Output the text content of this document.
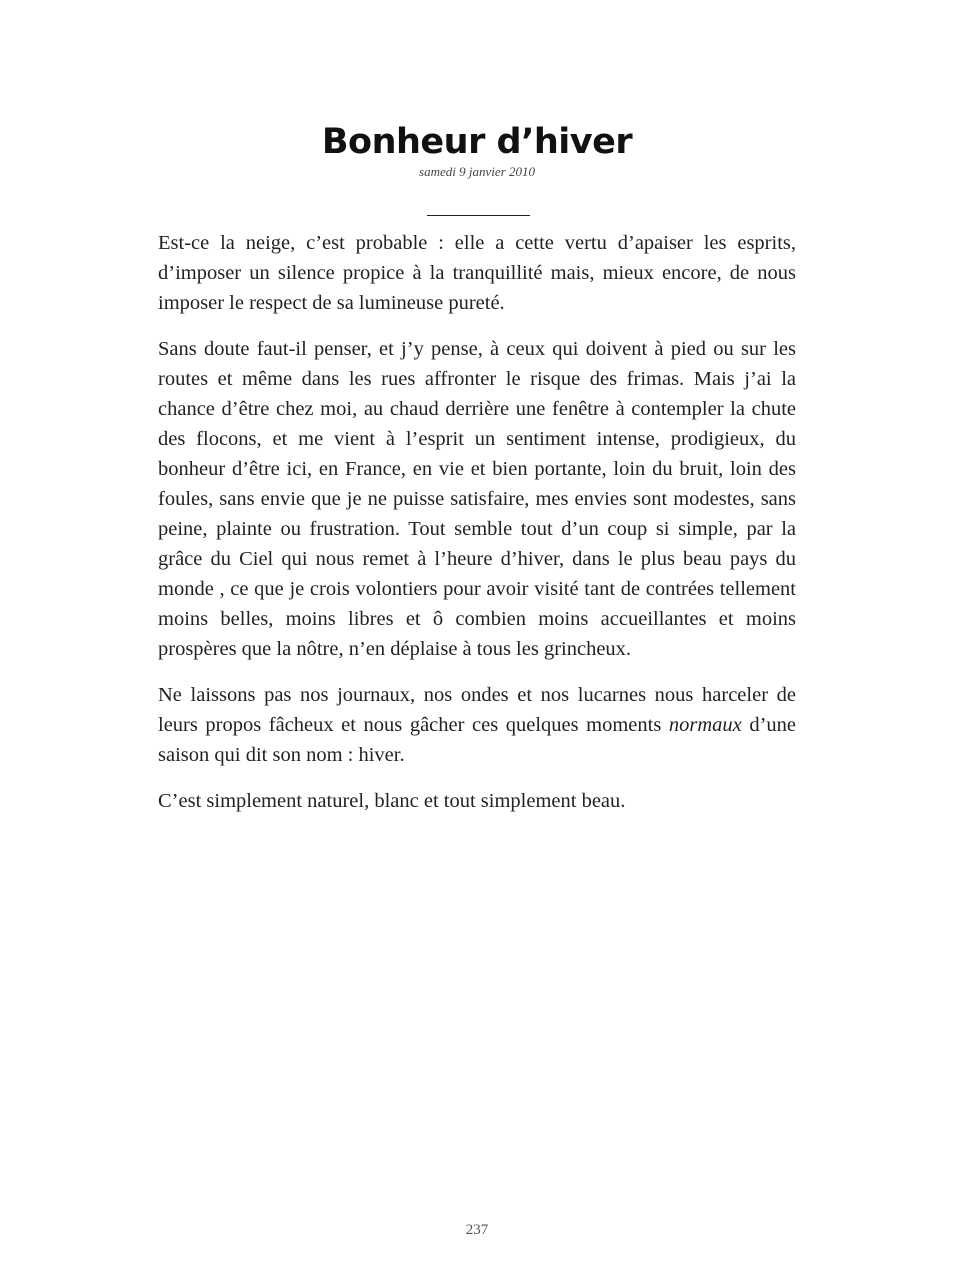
Bonheur d’hiver
samedi 9 janvier 2010

Est-ce la neige, c’est probable : elle a cette vertu d’apaiser les esprits, d’imposer un silence propice à la tranquillité mais, mieux encore, de nous imposer le respect de sa lumineuse pureté.

Sans doute faut-il penser, et j’y pense, à ceux qui doivent à pied ou sur les routes et même dans les rues affronter le risque des frimas. Mais j’ai la chance d’être chez moi, au chaud derrière une fenêtre à contempler la chute des flocons, et me vient à l’esprit un sentiment intense, prodigieux, du bonheur d’être ici, en France, en vie et bien portante, loin du bruit, loin des foules, sans envie que je ne puisse satisfaire, mes envies sont modestes, sans peine, plainte ou frustration. Tout semble tout d’un coup si simple, par la grâce du Ciel qui nous remet à l’heure d’hiver, dans le plus beau pays du monde , ce que je crois volontiers pour avoir visité tant de contrées tellement moins belles, moins libres et ô combien moins accueillantes et moins prospères que la nôtre, n’en déplaise à tous les grincheux.

Ne laissons pas nos journaux, nos ondes et nos lucarnes nous harceler de leurs propos fâcheux et nous gâcher ces quelques moments normaux d’une saison qui dit son nom : hiver.

C’est simplement naturel, blanc et tout simplement beau.

237
